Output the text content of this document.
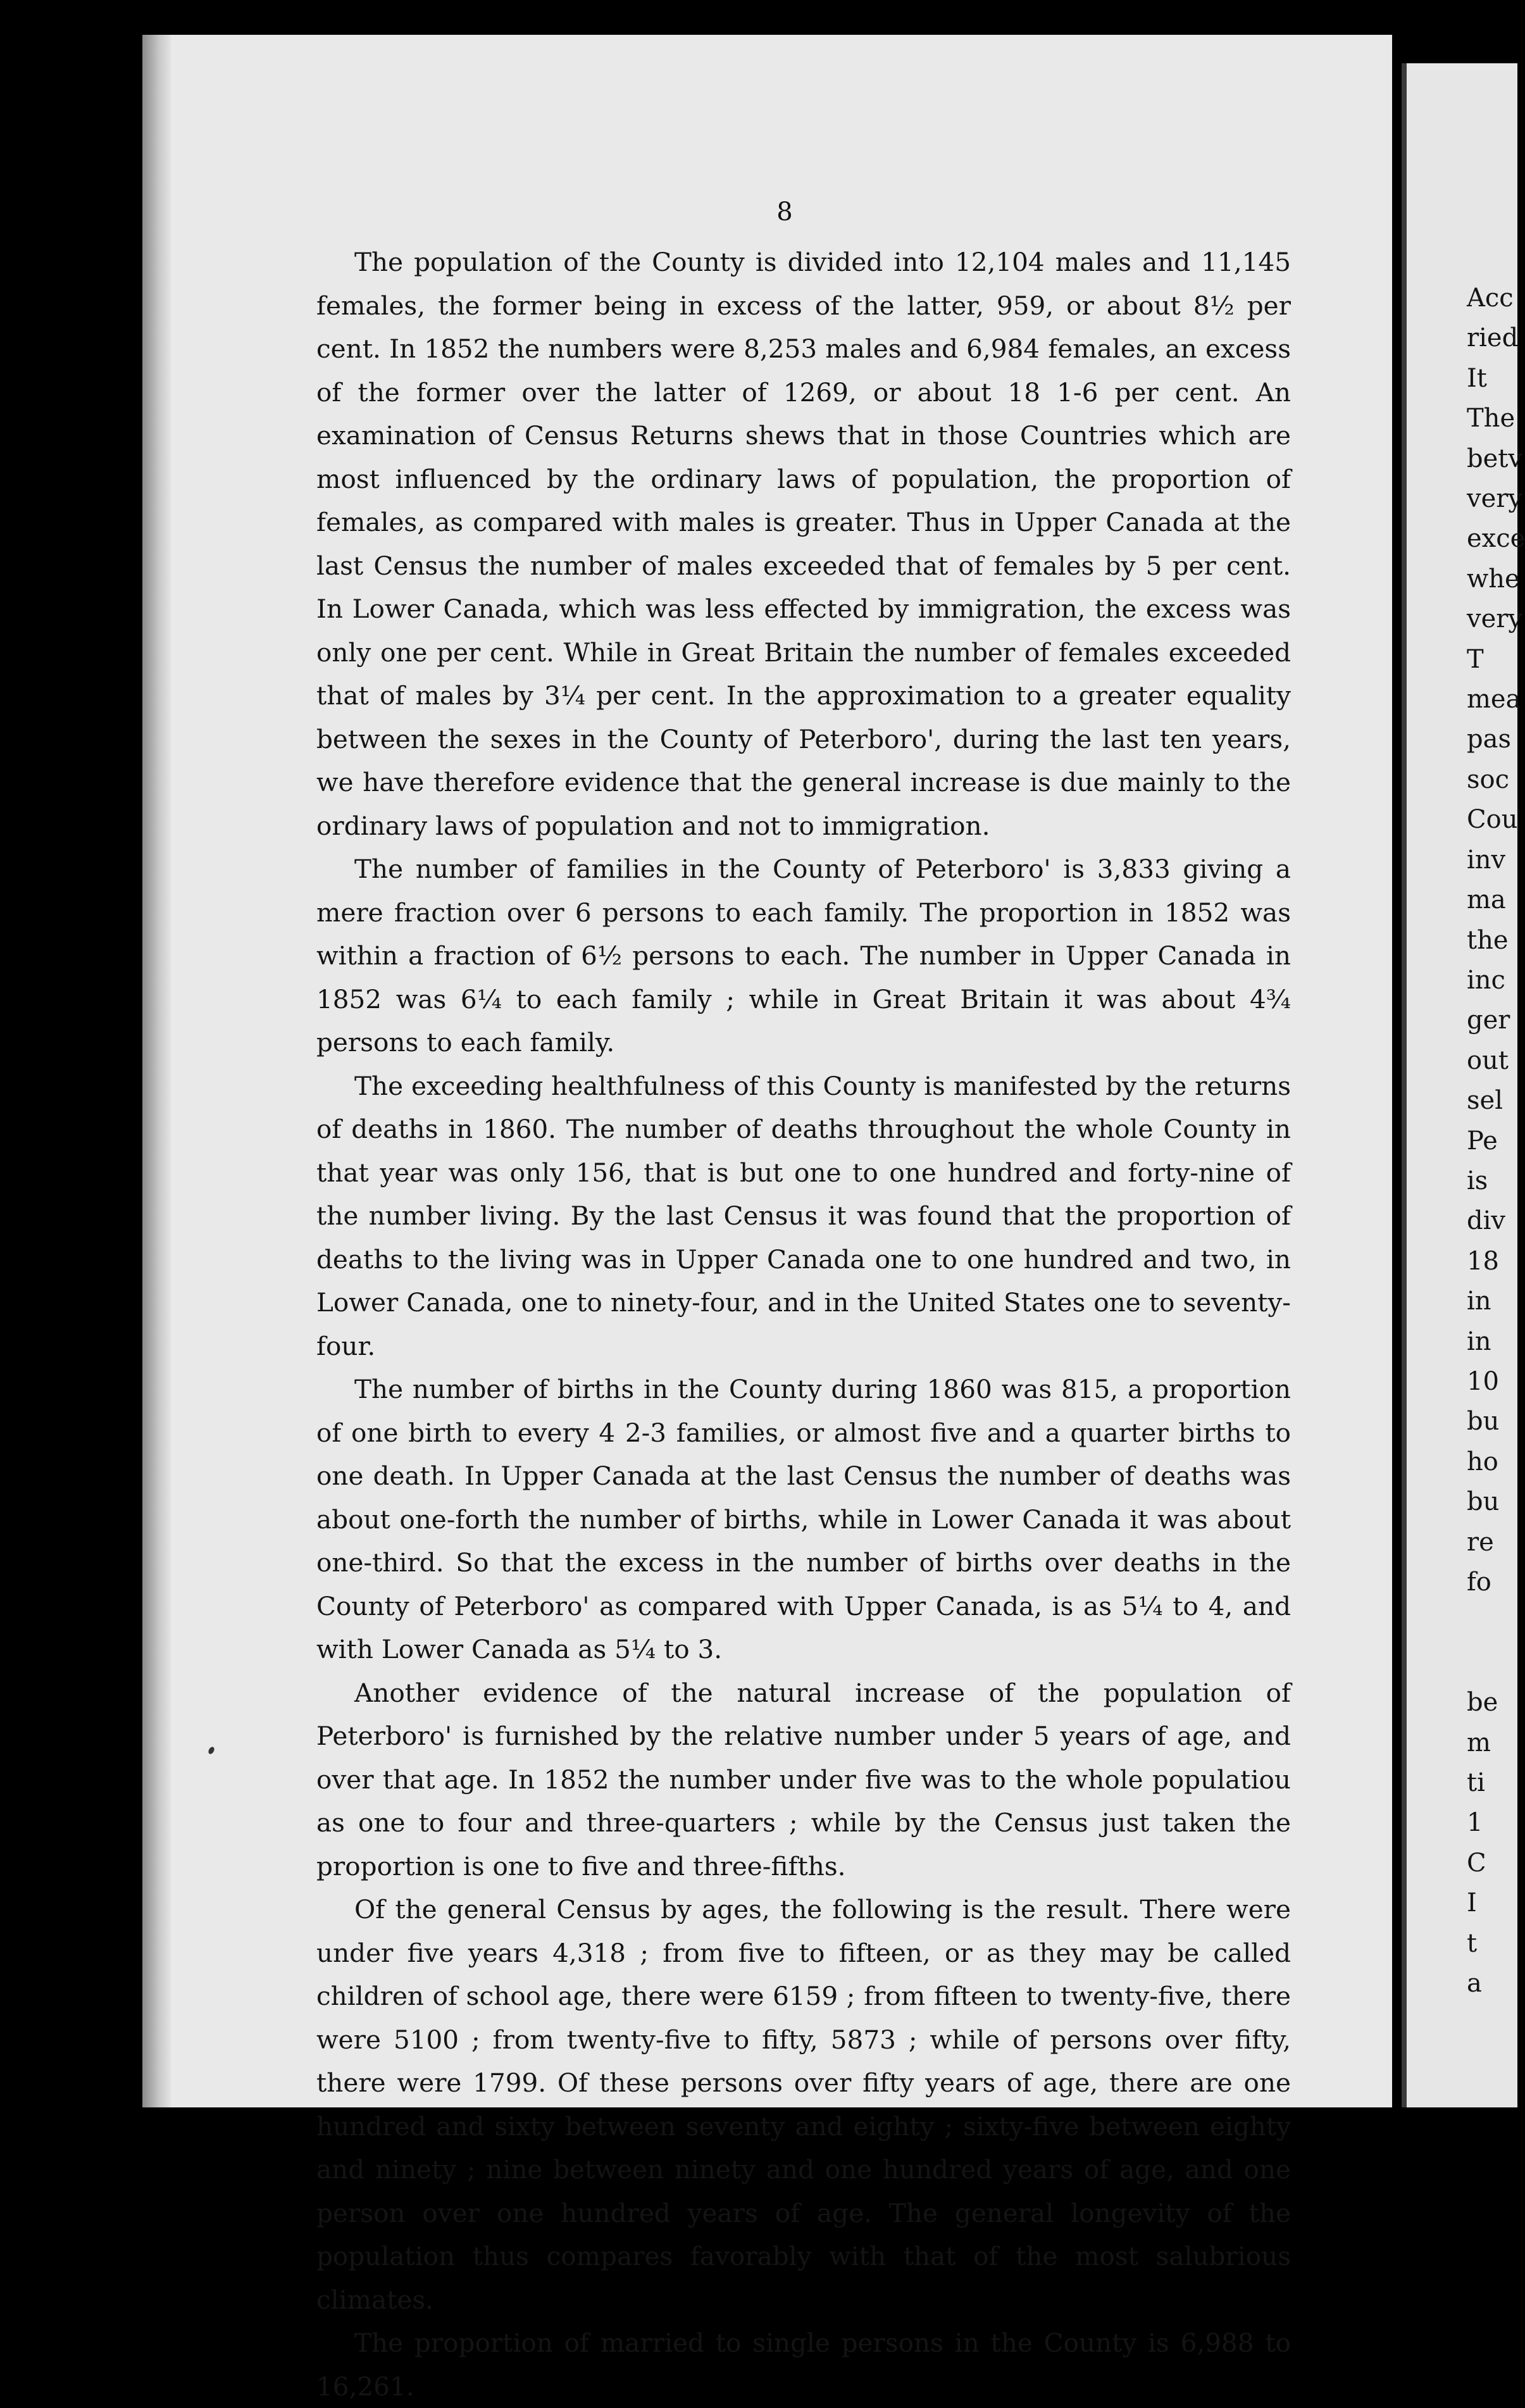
8

The population of the County is divided into 12,104 males and 11,145 females, the former being in excess of the latter, 959, or about 8½ per cent. In 1852 the numbers were 8,253 males and 6,984 females, an excess of the former over the latter of 1269, or about 18 1-6 per cent. An examination of Census Returns shews that in those Countries which are most influenced by the ordinary laws of population, the proportion of females, as compared with males is greater. Thus in Upper Canada at the last Census the number of males exceeded that of females by 5 per cent. In Lower Canada, which was less effected by immigration, the excess was only one per cent. While in Great Britain the number of females exceeded that of males by 3¼ per cent. In the approximation to a greater equality between the sexes in the County of Peterboro', during the last ten years, we have therefore evidence that the general increase is due mainly to the ordinary laws of population and not to immigration.

The number of families in the County of Peterboro' is 3,833 giving a mere fraction over 6 persons to each family. The proportion in 1852 was within a fraction of 6½ persons to each. The number in Upper Canada in 1852 was 6¼ to each family ; while in Great Britain it was about 4¾ persons to each family.

The exceeding healthfulness of this County is manifested by the returns of deaths in 1860. The number of deaths throughout the whole County in that year was only 156, that is but one to one hundred and forty-nine of the number living. By the last Census it was found that the proportion of deaths to the living was in Upper Canada one to one hundred and two, in Lower Canada, one to ninety-four, and in the United States one to seventy-four.

The number of births in the County during 1860 was 815, a proportion of one birth to every 4 2-3 families, or almost five and a quarter births to one death. In Upper Canada at the last Census the number of deaths was about one-forth the number of births, while in Lower Canada it was about one-third. So that the excess in the number of births over deaths in the County of Peterboro' as compared with Upper Canada, is as 5¼ to 4, and with Lower Canada as 5¼ to 3.

Another evidence of the natural increase of the population of Peterboro' is furnished by the relative number under 5 years of age, and over that age. In 1852 the number under five was to the whole populatiou as one to four and three-quarters ; while by the Census just taken the proportion is one to five and three-fifths.

Of the general Census by ages, the following is the result. There were under five years 4,318 ; from five to fifteen, or as they may be called children of school age, there were 6159 ; from fifteen to twenty-five, there were 5100 ; from twenty-five to fifty, 5873 ; while of persons over fifty, there were 1799. Of these persons over fifty years of age, there are one hundred and sixty between seventy and eighty ; sixty-five between eighty and ninety ; nine between ninety and one hundred years of age, and one person over one hundred years of age. The general longevity of the population thus compares favorably with that of the most salubrious climates.

The proportion of married to single persons in the County is 6,988 to 16,261.

Acc
ried
It
The
betv
very
exce
whe
very
T
mea
pas
soc
Cou
inv
ma
the
inc
ger
out
sel
Pe
is
div
18
in
in
10
bu
ho
bu
re
fo

be
m
ti
1
C
I
t
a
